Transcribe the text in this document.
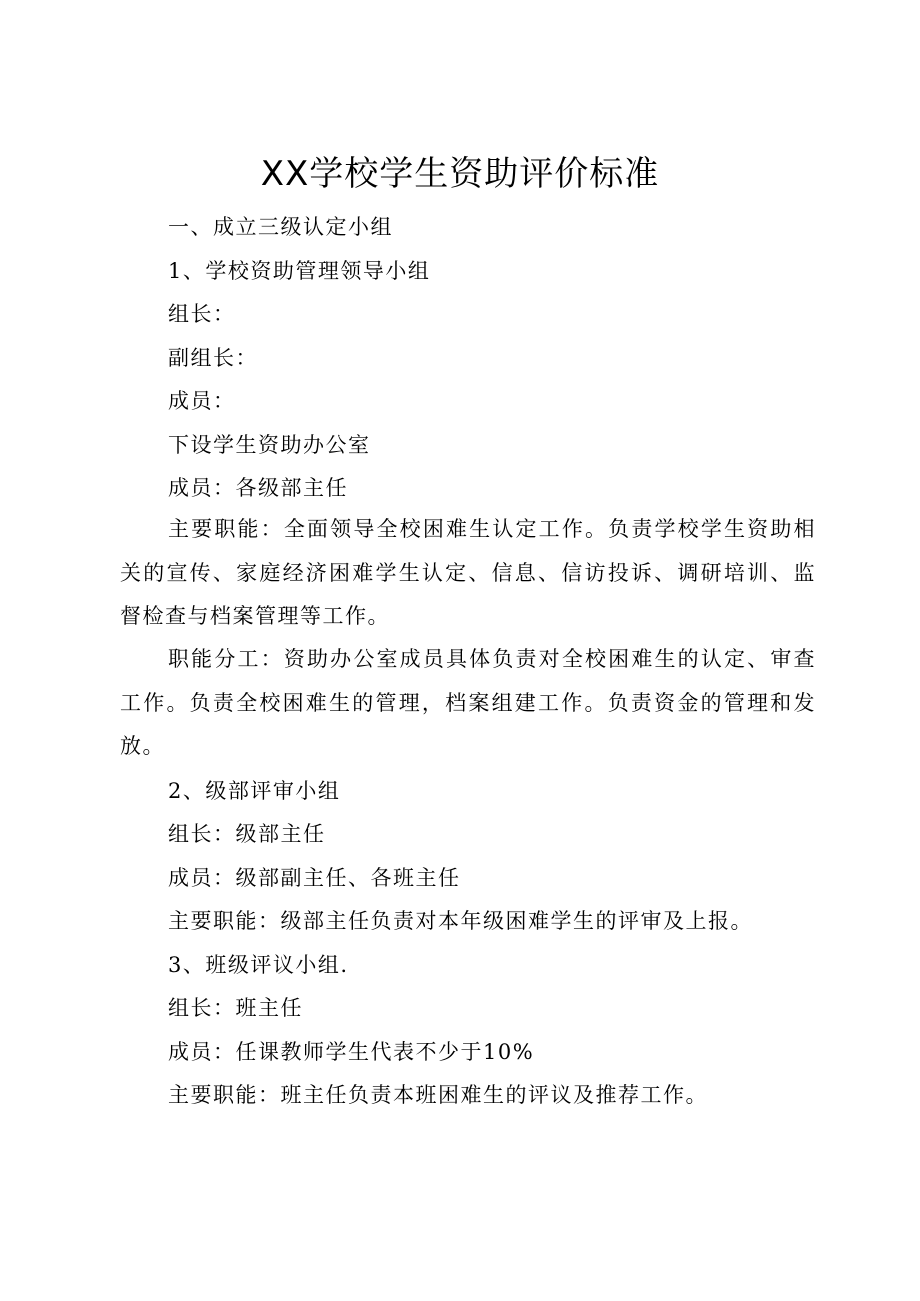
XX学校学生资助评价标准

一、成立三级认定小组

1、学校资助管理领导小组

组长：

副组长：

成员：

下设学生资助办公室

成员：各级部主任

主要职能：全面领导全校困难生认定工作。负责学校学生资助相关的宣传、家庭经济困难学生认定、信息、信访投诉、调研培训、监督检查与档案管理等工作。

职能分工：资助办公室成员具体负责对全校困难生的认定、审查工作。负责全校困难生的管理，档案组建工作。负责资金的管理和发放。

2、级部评审小组

组长：级部主任

成员：级部副主任、各班主任

主要职能：级部主任负责对本年级困难学生的评审及上报。

3、班级评议小组.

组长：班主任

成员：任课教师学生代表不少于10%

主要职能：班主任负责本班困难生的评议及推荐工作。
